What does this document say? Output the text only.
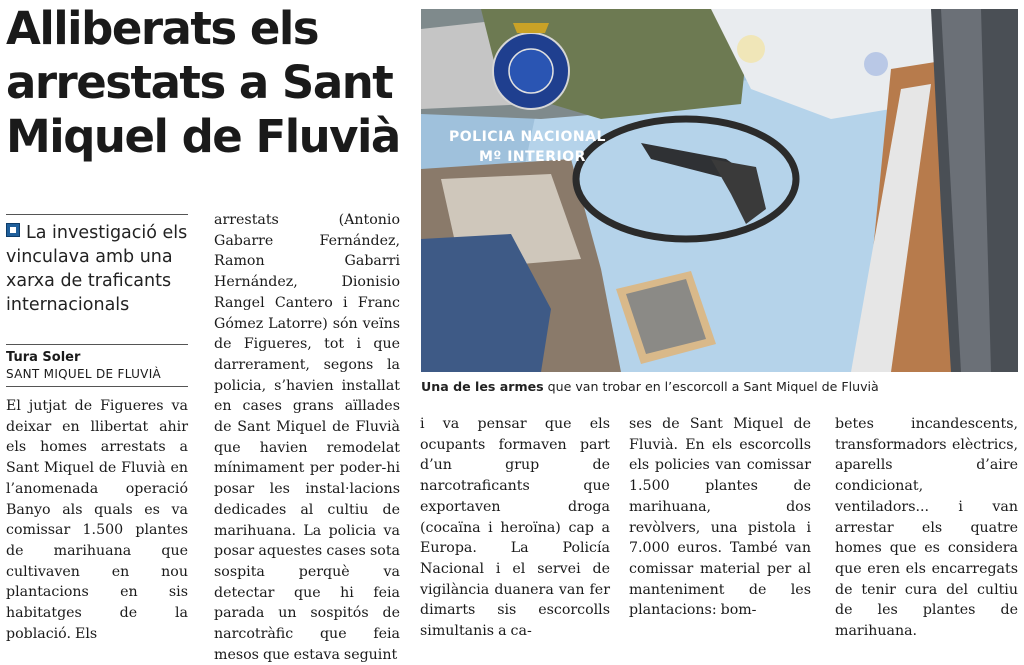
Alliberats els arrestats a Sant Miquel de Fluvià
La investigació els vinculava amb una xarxa de traficants internacionals
Tura Soler
SANT MIQUEL DE FLUVIÀ
El jutjat de Figueres va deixar en llibertat ahir els homes arrestats a Sant Miquel de Fluvià en l’anomenada operació Banyo als quals es va comissar 1.500 plantes de marihuana que cultivaven en nou plantacions en sis habitatges de la població. Els
arrestats (Antonio Gabarre Fernández, Ramon Gabarri Hernández, Dionisio Rangel Cantero i Franc Gómez Latorre) són veïns de Figueres, tot i que darrerament, segons la policia, s’havien installat en cases grans aïllades de Sant Miquel de Fluvià que havien remodelat mínimament per poder-hi posar les instal·lacions dedicades al cultiu de marihuana. La policia va posar aquestes cases sota sospita perquè va detectar que hi feia parada un sospitós de narcotràfic que feia mesos que estava seguint
i va pensar que els ocupants formaven part d’un grup de narcotraficants que exportaven droga (cocaïna i heroïna) cap a Europa. La Policía Nacional i el servei de vigilància duanera van fer dimarts sis escorcolls simultanis a ca-
ses de Sant Miquel de Fluvià. En els escorcolls els policies van comissar 1.500 plantes de marihuana, dos revòlvers, una pistola i 7.000 euros. També van comissar material per al manteniment de les plantacions: bom-
betes incandescents, transformadors elèctrics, aparells d’aire condicionat, ventiladors... i van arrestar els quatre homes que es considera que eren els encarregats de tenir cura del cultiu de les plantes de marihuana.
POLICIA NACIONAL
Mº INTERIOR
Una de les armes que van trobar en l’escorcoll a Sant Miquel de Fluvià
